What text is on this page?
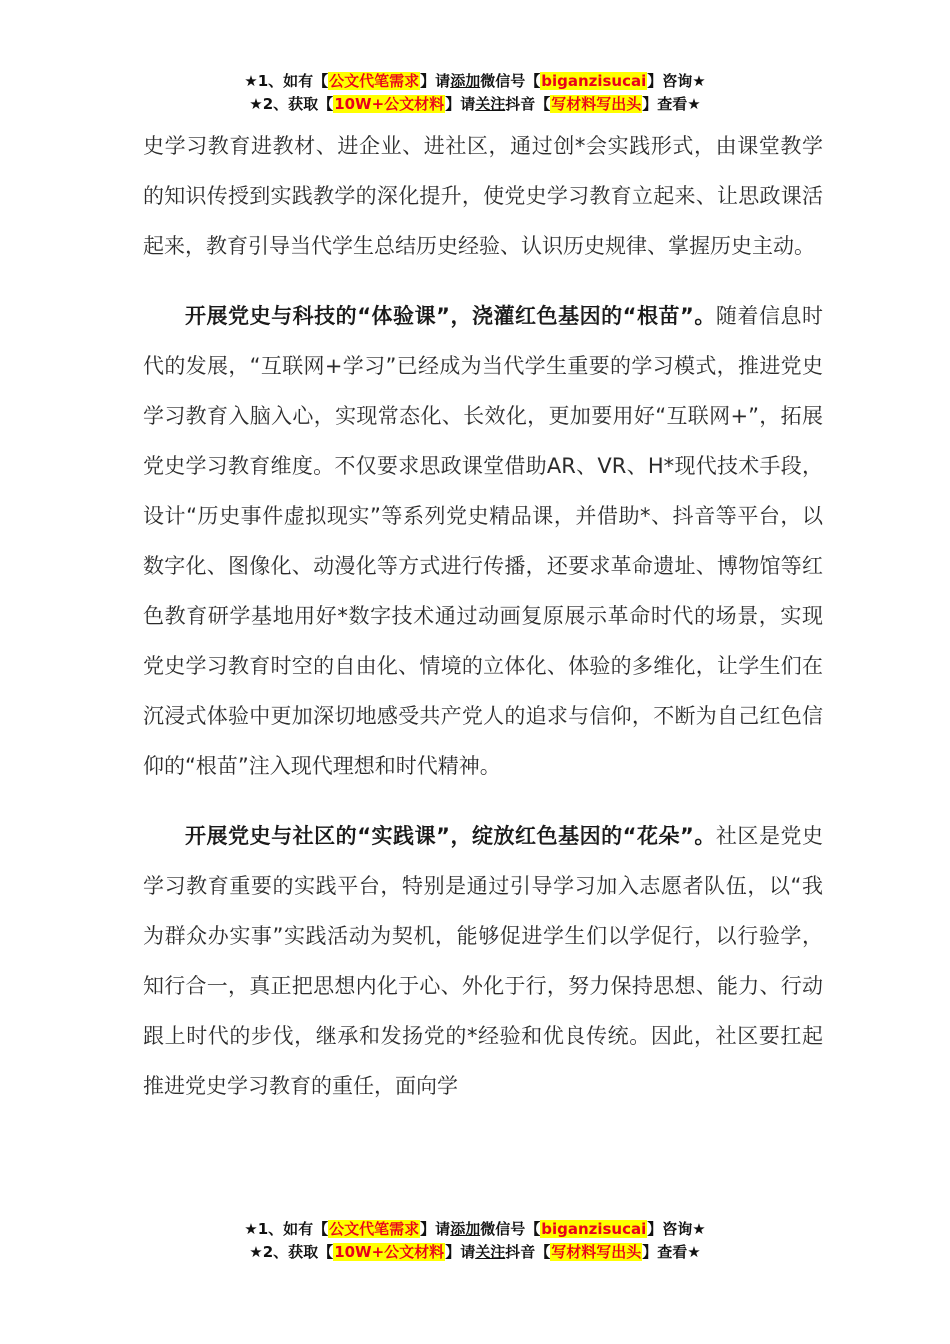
★1、如有【公文代笔需求】请添加微信号【biganzisucai】咨询★
★2、获取【10W+公文材料】请关注抖音【写材料写出头】查看★

史学习教育进教材、进企业、进社区，通过创*会实践形式，由课堂教学的知识传授到实践教学的深化提升，使党史学习教育立起来、让思政课活起来，教育引导当代学生总结历史经验、认识历史规律、掌握历史主动。

开展党史与科技的“体验课”，浇灌红色基因的“根苗”。随着信息时代的发展，“互联网+学习”已经成为当代学生重要的学习模式，推进党史学习教育入脑入心，实现常态化、长效化，更加要用好“互联网+”，拓展党史学习教育维度。不仅要求思政课堂借助AR、VR、H*现代技术手段，设计“历史事件虚拟现实”等系列党史精品课，并借助*、抖音等平台，以数字化、图像化、动漫化等方式进行传播，还要求革命遗址、博物馆等红色教育研学基地用好*数字技术通过动画复原展示革命时代的场景，实现党史学习教育时空的自由化、情境的立体化、体验的多维化，让学生们在沉浸式体验中更加深切地感受共产党人的追求与信仰，不断为自己红色信仰的“根苗”注入现代理想和时代精神。

开展党史与社区的“实践课”，绽放红色基因的“花朵”。社区是党史学习教育重要的实践平台，特别是通过引导学习加入志愿者队伍，以“我为群众办实事”实践活动为契机，能够促进学生们以学促行，以行验学，知行合一，真正把思想内化于心、外化于行，努力保持思想、能力、行动跟上时代的步伐，继承和发扬党的*经验和优良传统。因此，社区要扛起推进党史学习教育的重任，面向学

★1、如有【公文代笔需求】请添加微信号【biganzisucai】咨询★
★2、获取【10W+公文材料】请关注抖音【写材料写出头】查看★
